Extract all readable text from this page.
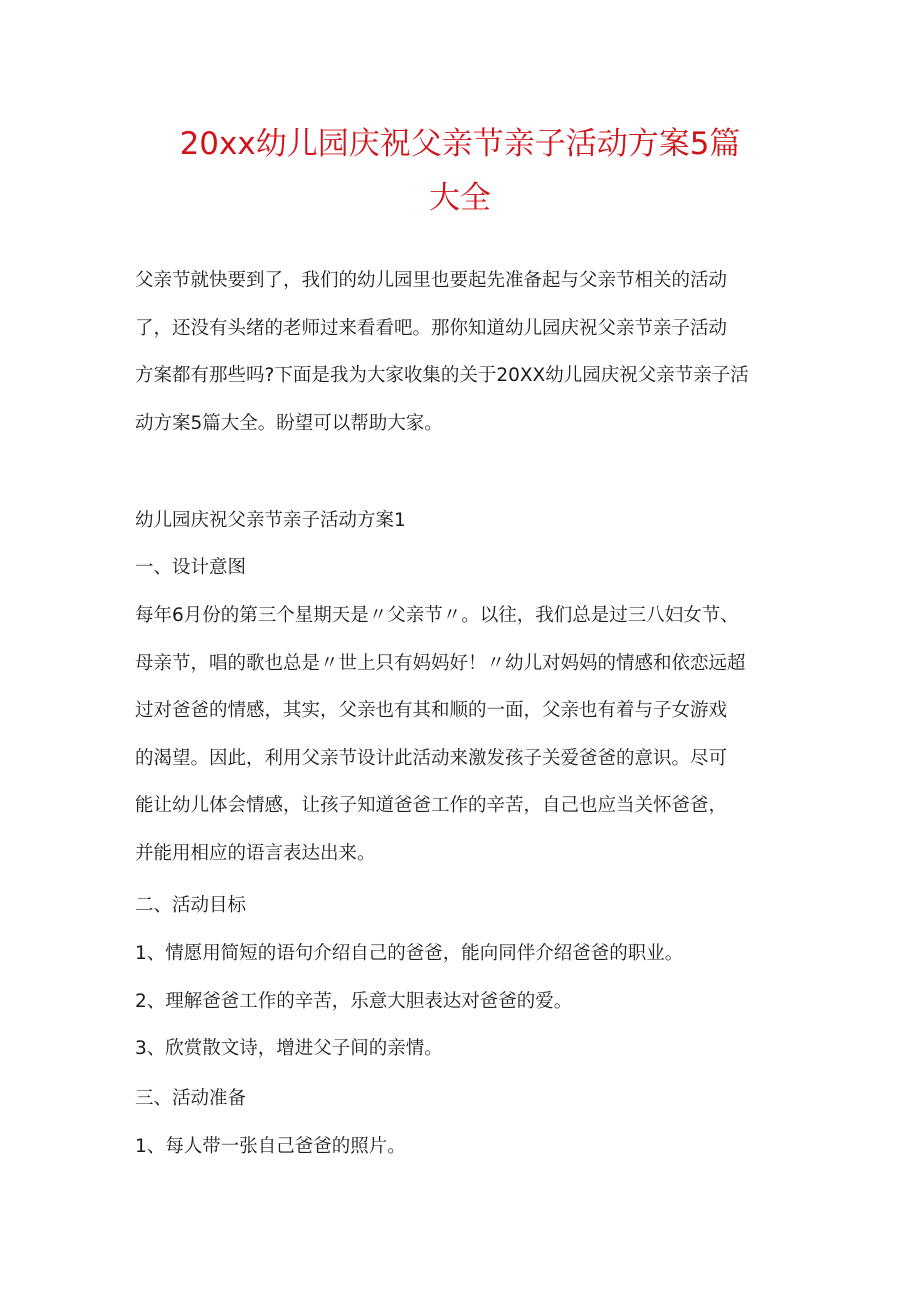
20xx幼儿园庆祝父亲节亲子活动方案5篇
大全
父亲节就快要到了，我们的幼儿园里也要起先准备起与父亲节相关的活动
了，还没有头绪的老师过来看看吧。那你知道幼儿园庆祝父亲节亲子活动
方案都有那些吗?下面是我为大家收集的关于20XX幼儿园庆祝父亲节亲子活
动方案5篇大全。盼望可以帮助大家。
幼儿园庆祝父亲节亲子活动方案1
一、设计意图
每年6月份的第三个星期天是〃父亲节〃。以往，我们总是过三八妇女节、
母亲节，唱的歌也总是〃世上只有妈妈好！〃幼儿对妈妈的情感和依恋远超
过对爸爸的情感，其实，父亲也有其和顺的一面，父亲也有着与子女游戏
的渴望。因此，利用父亲节设计此活动来激发孩子关爱爸爸的意识。尽可
能让幼儿体会情感，让孩子知道爸爸工作的辛苦，自己也应当关怀爸爸，
并能用相应的语言表达出来。
二、活动目标
1、情愿用简短的语句介绍自己的爸爸，能向同伴介绍爸爸的职业。
2、理解爸爸工作的辛苦，乐意大胆表达对爸爸的爱。
3、欣赏散文诗，增进父子间的亲情。
三、活动准备
1、每人带一张自己爸爸的照片。
